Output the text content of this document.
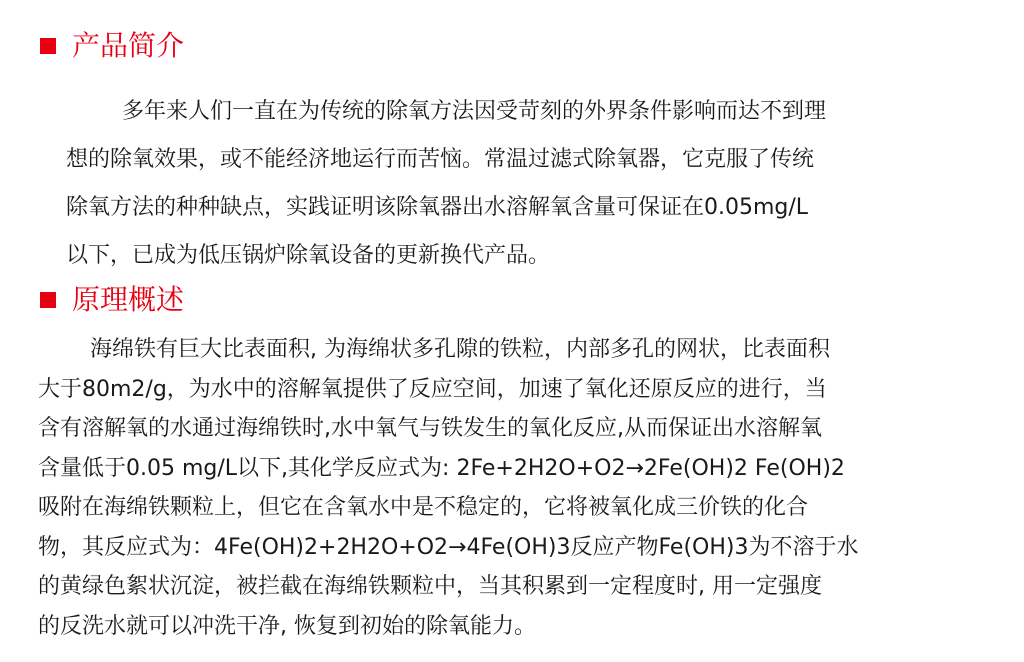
产品简介
多年来人们一直在为传统的除氧方法因受苛刻的外界条件影响而达不到理
想的除氧效果，或不能经济地运行而苦恼。常温过滤式除氧器，它克服了传统
除氧方法的种种缺点，实践证明该除氧器出水溶解氧含量可保证在0.05mg/L
以下，已成为低压锅炉除氧设备的更新换代产品。
原理概述
海绵铁有巨大比表面积, 为海绵状多孔隙的铁粒，内部多孔的网状，比表面积
大于80m2/g，为水中的溶解氧提供了反应空间，加速了氧化还原反应的进行，当
含有溶解氧的水通过海绵铁时,水中氧气与铁发生的氧化反应,从而保证出水溶解氧
含量低于0.05 mg/L以下,其化学反应式为: 2Fe+2H2O+O2→2Fe(OH)2 Fe(OH)2
吸附在海绵铁颗粒上，但它在含氧水中是不稳定的，它将被氧化成三价铁的化合
物，其反应式为：4Fe(OH)2+2H2O+O2→4Fe(OH)3反应产物Fe(OH)3为不溶于水
的黄绿色絮状沉淀，被拦截在海绵铁颗粒中，当其积累到一定程度时, 用一定强度
的反洗水就可以冲洗干净, 恢复到初始的除氧能力。
